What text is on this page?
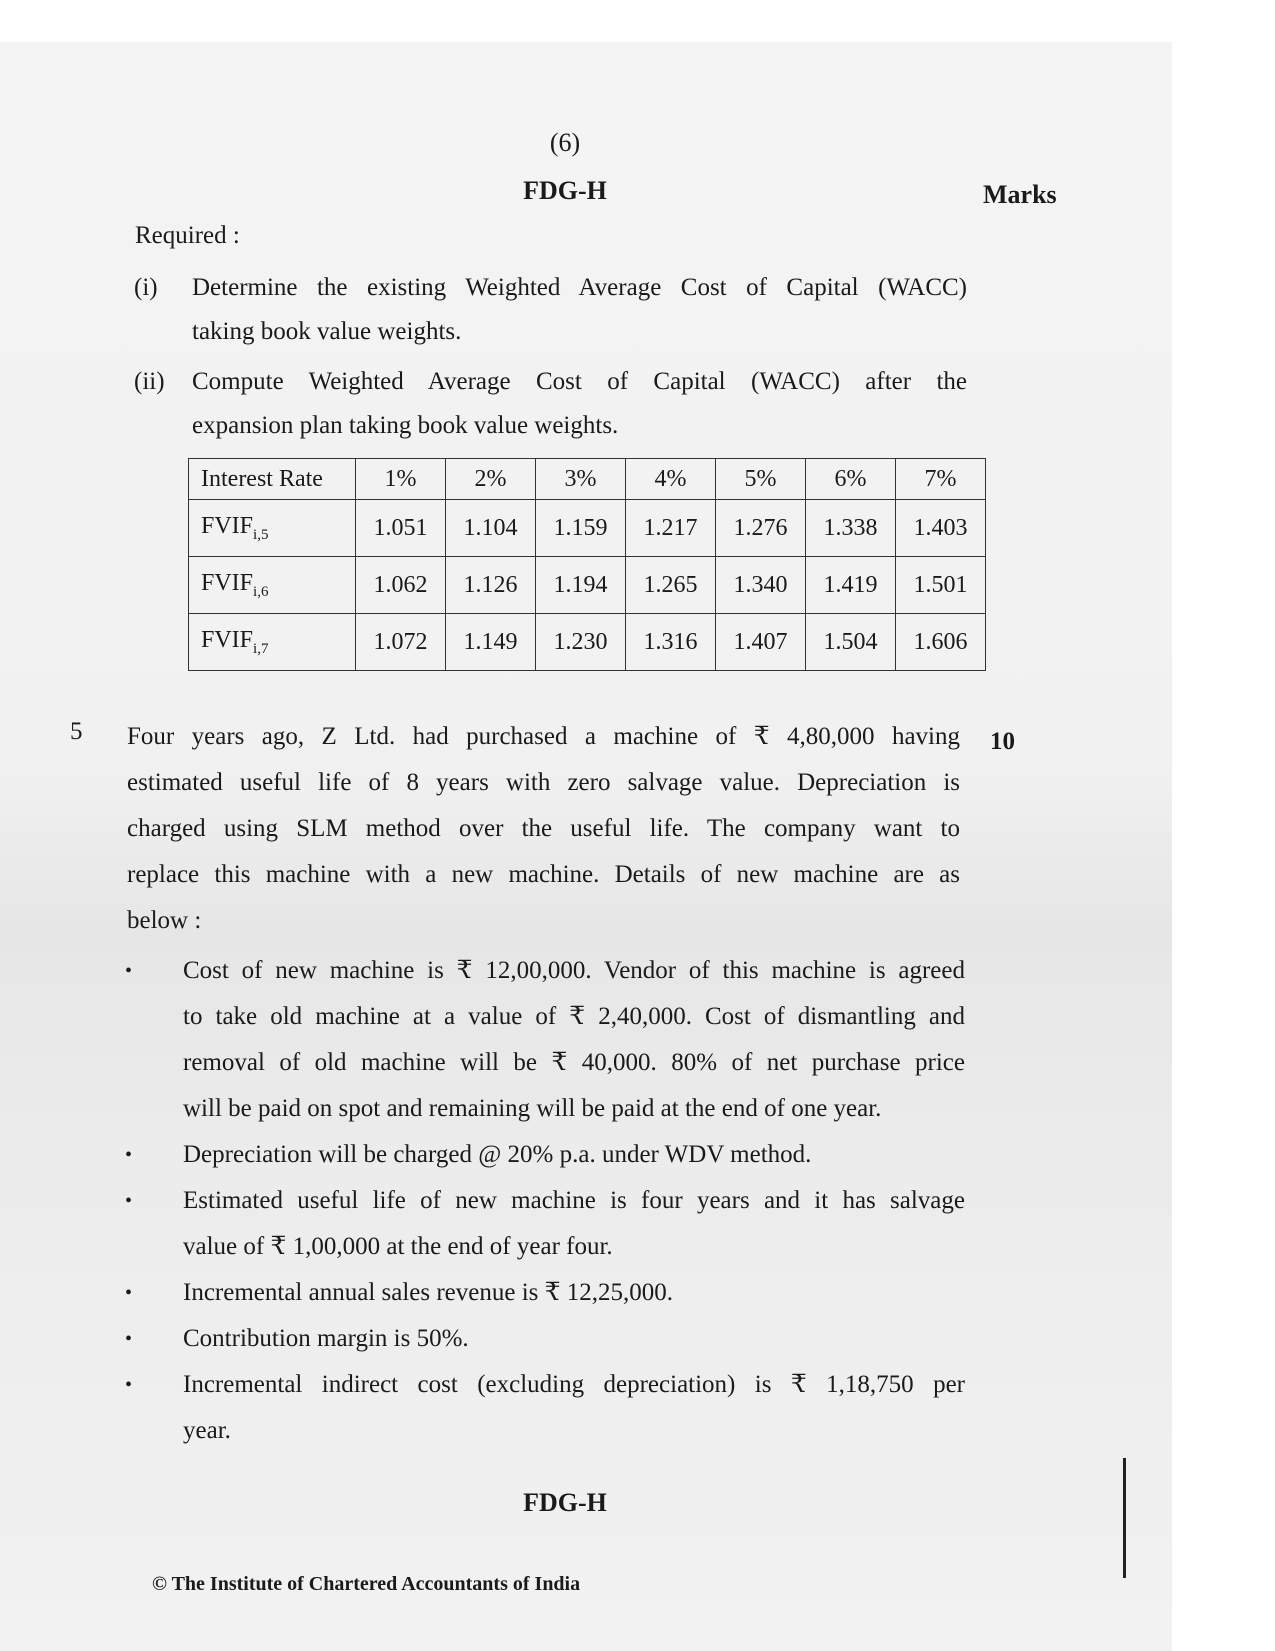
(6)
FDG-H	Marks
Required :
(i) Determine the existing Weighted Average Cost of Capital (WACC)
taking book value weights.
(ii) Compute Weighted Average Cost of Capital (WACC) after the
expansion plan taking book value weights.
Interest Rate	1%	2%	3%	4%	5%	6%	7%
$FVIF_{i,5}$	1.051	1.104	1.159	1.217	1.276	1.338	1.403
$FVIF_{i,6}$	1.062	1.126	1.194	1.265	1.340	1.419	1.501
$FVIF_{i,7}$	1.072	1.149	1.230	1.316	1.407	1.504	1.606
5	10
Four years ago, Z Ltd. had purchased a machine of ₹ 4,80,000 having
estimated useful life of 8 years with zero salvage value. Depreciation is
charged using SLM method over the useful life. The company want to
replace this machine with a new machine. Details of new machine are as
below :
• Cost of new machine is ₹ 12,00,000. Vendor of this machine is agreed
to take old machine at a value of ₹ 2,40,000. Cost of dismantling and
removal of old machine will be ₹ 40,000. 80% of net purchase price
will be paid on spot and remaining will be paid at the end of one year.
• Depreciation will be charged @ 20% p.a. under WDV method.
• Estimated useful life of new machine is four years and it has salvage
value of ₹ 1,00,000 at the end of year four.
• Incremental annual sales revenue is ₹ 12,25,000.
• Contribution margin is 50%.
• Incremental indirect cost (excluding depreciation) is ₹ 1,18,750 per
year.
FDG-H
© The Institute of Chartered Accountants of India
